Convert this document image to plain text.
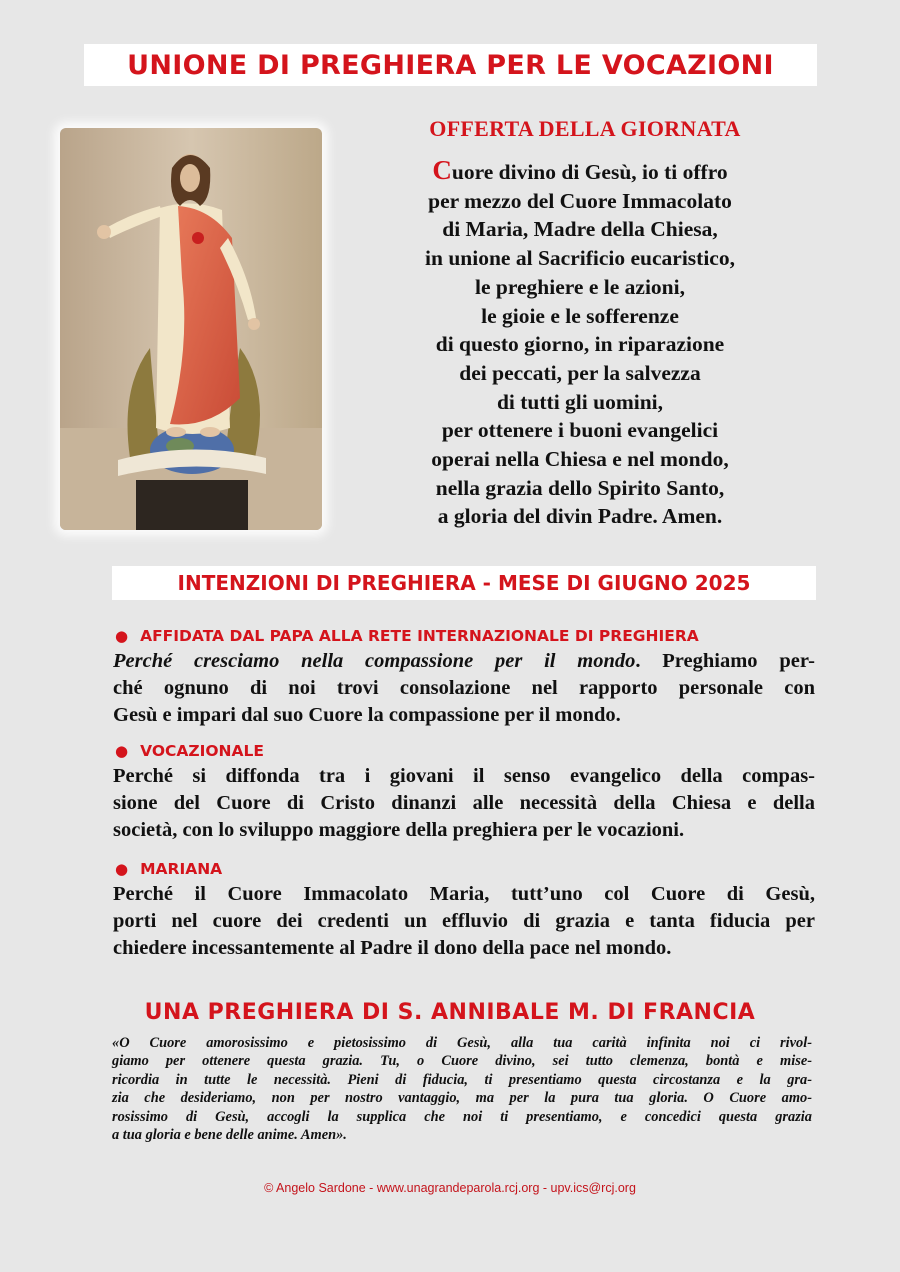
UNIONE DI PREGHIERA PER LE VOCAZIONI
OFFERTA DELLA GIORNATA
Cuore divino di Gesù, io ti offro
per mezzo del Cuore Immacolato
di Maria, Madre della Chiesa,
in unione al Sacrificio eucaristico,
le preghiere e le azioni,
le gioie e le sofferenze
di questo giorno, in riparazione
dei peccati, per la salvezza
di tutti gli uomini,
per ottenere i buoni evangelici
operai nella Chiesa e nel mondo,
nella grazia dello Spirito Santo,
a gloria del divin Padre. Amen.
INTENZIONI DI PREGHIERA - MESE DI GIUGNO 2025
● AFFIDATA DAL PAPA ALLA RETE INTERNAZIONALE DI PREGHIERA
Perché cresciamo nella compassione per il mondo. Preghiamo per-
ché ognuno di noi trovi consolazione nel rapporto personale con
Gesù e impari dal suo Cuore la compassione per il mondo.
● VOCAZIONALE
Perché si diffonda tra i giovani il senso evangelico della compas-
sione del Cuore di Cristo dinanzi alle necessità della Chiesa e della
società, con lo sviluppo maggiore della preghiera per le vocazioni.
● MARIANA
Perché il Cuore Immacolato Maria, tutt’uno col Cuore di Gesù,
porti nel cuore dei credenti un effluvio di grazia e tanta fiducia per
chiedere incessantemente al Padre il dono della pace nel mondo.
UNA PREGHIERA DI S. ANNIBALE M. DI FRANCIA
«O Cuore amorosissimo e pietosissimo di Gesù, alla tua carità infinita noi ci rivol-
giamo per ottenere questa grazia. Tu, o Cuore divino, sei tutto clemenza, bontà e mise-
ricordia in tutte le necessità. Pieni di fiducia, ti presentiamo questa circostanza e la gra-
zia che desideriamo, non per nostro vantaggio, ma per la pura tua gloria. O Cuore amo-
rosissimo di Gesù, accogli la supplica che noi ti presentiamo, e concedici questa grazia
a tua gloria e bene delle anime. Amen».
© Angelo Sardone - www.unagrandeparola.rcj.org - upv.ics@rcj.org
